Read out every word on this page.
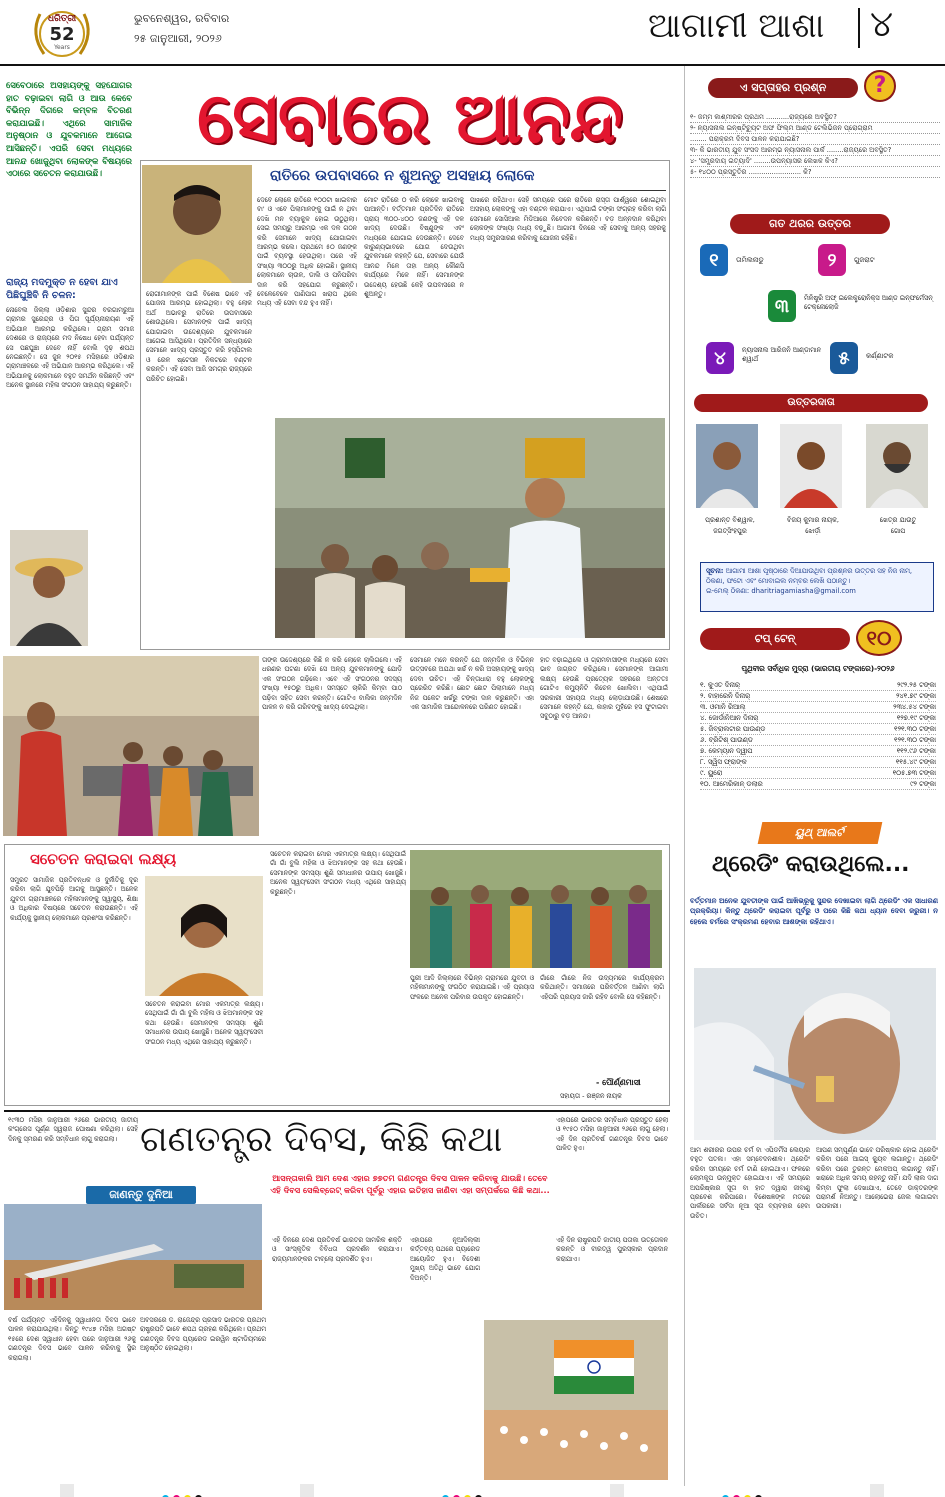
ଧରିତ୍ରୀ
52
Years
ଭୁବନେଶ୍ୱର, ରବିବାର
୨୫ ଜାନୁଆରୀ, ୨୦୨୬	ଆଗାମୀ ଆଶା	୪
ସେବେଠାରେ ଅସହାୟଙ୍କୁ ସହଯୋଗର ହାତ ବଢ଼ାଇବା ଲାଗି ଓ ଆଉ କେବେ ବିଭିନ୍ନ ଦିଗରେ କମ୍ବଳ ବିତରଣ କରାଯାଇଛି। ଏଥିରେ ସାମାଜିକ ଅନୁଷ୍ଠାନ ଓ ଯୁବକମାନେ ଆଗେଇ ଆସିଛନ୍ତି। ଏପରି ସେବା ମଧ୍ୟରେ ଆନନ୍ଦ ଖୋଜୁଥିବା ଲୋକଙ୍କ ବିଷୟରେ ଏଠାରେ ସଚେତନ କରାଯାଉଛି।
ସେବାରେ ଆନନ୍ଦ
ରାତିରେ ଉପବାସରେ ନ ଶୁଅନ୍ତୁ ଅସହାୟ ଲୋକେ
ଦେବେ ଲୋକେ ରାତିରେ ୧୦୦ଟା ଖାଇବାର ବା' ଓ ଏବେ ପିଲାମାନଙ୍କୁ ପାଇଁ ନ ଥିବା ଦେଖି ମନ ବ୍ୟାକୁଳ ହୋଇ ଉଠୁଥିଲା। ସେଇ ସମୟରୁ ଆରମ୍ଭ ଏକ ଦଳ ଗଠନ କରି ସେମାନେ ଖାଦ୍ୟ ଯୋଗାଇବା ଆରମ୍ଭ କଲେ। ପ୍ରଥମେ ୫୦ ଜଣଙ୍କ ପାଇଁ ବ୍ୟବସ୍ଥା ହେଉଥିଲା। ପରେ ଏହି ସଂଖ୍ୟା ୩୦୦ରୁ ଅଧିକ ହୋଇଛି। ସ୍ଥାନୀୟ ଲୋକମାନେ ଚାଉଳ, ଡାଲି ଓ ପନିପରିବା ଦାନ କରି ସହଯୋଗ କରୁଛନ୍ତି। ବେଳେବେଳେ ପାଣିପାଗ ଖରାପ ଥିଲେ ମଧ୍ୟ ଏହି ସେବା ବନ୍ଦ ହୁଏ ନାହିଁ।
ମୋଟ ରାତିରେ ୦ କରି ଲୋକେ ଖାଇବାକୁ ପାଆନ୍ତି। ବର୍ତ୍ତମାନ ପ୍ରତିଦିନ ରାତିରେ ପ୍ରାୟ ୩୦୦-୪୦୦ ଜଣଙ୍କୁ ଏହି ଦଳ ଖାଦ୍ୟ ଦେଉଛି। ବିଷ୍ଣୁଙ୍କ ଏବଂ ମଧ୍ୟରେ ଯୋଗାଇ ଦେଉଛନ୍ତି। ଦେବେ କାରୁଣ୍ୟଭାବରେ ଯୋଗ ଦେଉଥିବା ଯୁବକମାନେ କହନ୍ତି ଯେ, ସେବାରେ ଯେଉଁ ଆନନ୍ଦ ମିଳେ ତାହା ଅନ୍ୟ କୌଣସି କାର୍ଯ୍ୟରେ ମିଳେ ନାହିଁ। ସେମାନଙ୍କ ଉଦ୍ଦେଶ୍ୟ ହେଉଛି କେହି ଉପବାସରେ ନ ଶୁଅନ୍ତୁ।
ପାଖରେ ରହିଥାଏ। ସେହି ସମୟରେ ପରେ ରାତିରେ ରାସ୍ତା ପାର୍ଶ୍ୱରେ ଶୋଇଥିବା ଅସହାୟ ଲୋକଙ୍କୁ ଏହା ବଣ୍ଟନ କରାଯାଏ। ଏଥିପାଇଁ ଟଙ୍କା ସଂଗ୍ରହ କରିବା ଲାଗି ସେମାନେ ସୋସିଆଲ ମିଡିଆରେ ନିବେଦନ କରିଛନ୍ତି। ବଡ଼ ଅନ୍ନଦାନ କରିଥିବା ଲୋକଙ୍କ ସଂଖ୍ୟା ମଧ୍ୟ ବଢ଼ୁଛି। ଆଗାମୀ ଦିନରେ ଏହି ସେବାକୁ ଅନ୍ୟ ସହରକୁ ମଧ୍ୟ ସମ୍ପ୍ରସାରଣ କରିବାକୁ ଯୋଜନା ରହିଛି।
ରୋଗୀମାନଙ୍କ ପାଇଁ ବିଶେଷ ଭାବେ ଏହି ଯୋଜନା ଆରମ୍ଭ ହୋଇଥିଲା। ବହୁ ଲୋକ ଅର୍ଥ ଅଭାବରୁ ରାତିରେ ଉପବାସରେ ଶୋଉଥିଲେ। ସେମାନଙ୍କ ପାଇଁ ଖାଦ୍ୟ ଯୋଗାଇବା ଉଦ୍ଦେଶ୍ୟରେ ଯୁବକମାନେ ଆଗେଇ ଆସିଥିଲେ। ପ୍ରତିଦିନ ସନ୍ଧ୍ୟାରେ ସେମାନେ ଖାଦ୍ୟ ପ୍ରସ୍ତୁତ କରି ହସ୍ପିଟାଲ ଓ ରେଳ ଷ୍ଟେସନ ନିକଟରେ ବଣ୍ଟନ କରନ୍ତି। ଏହି ସେବା ଆଜି ସମଗ୍ର ରାଜ୍ୟରେ ପରିଚିତ ହୋଇଛି।
ରାଜ୍ୟ ମଦମୁକ୍ତ ନ ହେବା ଯାଏ ପିଛିଘୁଞ୍ଚିବି ନି ଚଳନ:
ନୋବେଲ ଜିଲ୍ଲା ଓଡ଼ିଶାର ସୁନ୍ଦର ବରଗାମରୁଆ ଗ୍ରାମର ସୁରେନ୍ଦ୍ର ଓ ପିତା ସୂର୍ଯ୍ୟନାରାୟଣ ଏହି ଅଭିଯାନ ଆରମ୍ଭ କରିଥିଲେ। ଗ୍ରାମ ସମାଜ ଦେଶରେ ଓ ରାଜ୍ୟରେ ମଦ ନିଷେଧ ହେବା ପର୍ଯ୍ୟନ୍ତ ସେ ପଛଘୁଞ୍ଚା ଦେବେ ନାହିଁ ବୋଲି ଦୃଢ଼ ଶପଥ ନେଇଛନ୍ତି। ସେ ଜୁନ ୨୦୧୫ ମସିହାରେ ଓଡ଼ିଶାର ଗ୍ରାମାଞ୍ଚଳରେ ଏହି ଅଭିଯାନ ଆରମ୍ଭ କରିଥିଲେ। ଏହି ଅଭିଯାନକୁ ଲୋକମାନେ ବହୁତ ସମର୍ଥନ କରିଛନ୍ତି ଏବଂ ଅନେକ ସ୍ଥାନରେ ମହିଳା ସଂଗଠନ ସାହାଯ୍ୟ କରୁଛନ୍ତି।
ତାଙ୍କ ଉଦ୍ଦେଶ୍ୟରେ କିଛି ନ କରି ଲୋକେ ଚାଲିଗଲେ। ଏହି ଧରଣର ଘଟଣା ଦେଖି ସେ ଅନ୍ୟ ଯୁବକମାନଙ୍କୁ ଯୋଡ଼ି ଏକ ସଂଗଠନ ଗଢ଼ିଲେ। ଏବେ ଏହି ସଂଗଠନର ସଦସ୍ୟ ସଂଖ୍ୟା ୧୫୦ରୁ ଅଧିକ। ସମସ୍ତେ ଚାକିରି କିମ୍ବା ପାଠ ପଢ଼ିବା ସହିତ ସେବା କରନ୍ତି। ଗୋଟିଏ ବାଲିକା ଜନ୍ମଦିନ ପାଳନ ନ କରି ଗରିବଙ୍କୁ ଖାଦ୍ୟ ଦେଇଥିଲା।
ସେମାନେ ମନେ କରନ୍ତି ଯେ ଜନ୍ମଦିନ ଓ ବିଭିନ୍ନ ଉତ୍ସବରେ ଅଯଥା ଖର୍ଚ୍ଚ ନ କରି ଅସହାୟଙ୍କୁ ଖାଦ୍ୟ ଦେବା ଉଚିତ। ଏହି ଚିନ୍ତାଧାରା ବହୁ ଲୋକଙ୍କୁ ପ୍ରେରିତ କରିଛି। ଛୋଟ ଛୋଟ ପିଲାମାନେ ମଧ୍ୟ ନିଜ ପକେଟ ଖର୍ଚ୍ଚରୁ ଟଙ୍କା ଦାନ କରୁଛନ୍ତି। ଏହା ଏକ ସାମାଜିକ ଆନ୍ଦୋଳନରେ ପରିଣତ ହୋଇଛି।
ହାତ ବଢ଼ାଇଥିଲେ ଓ ଗ୍ରାମବାସୀଙ୍କ ମଧ୍ୟରେ ସେବା ଭାବ ଜାଗ୍ରତ କରିଥିଲେ। ସେମାନଙ୍କ ଆଗାମୀ ଲକ୍ଷ୍ୟ ହେଉଛି ପ୍ରତ୍ୟେକ ସହରରେ ଅନ୍ତତଃ ଗୋଟିଏ କମ୍ୟୁନିଟି କିଚେନ ଖୋଲିବା। ଏଥିପାଇଁ ସରକାରୀ ସହାୟତା ମଧ୍ୟ ଲୋଡ଼ାଯାଉଛି। ଶେଷରେ ସେମାନେ କହନ୍ତି ଯେ, କାହାର ମୁହଁରେ ହସ ଫୁଟାଇବା ସବୁଠାରୁ ବଡ଼ ଆନନ୍ଦ।
ସଚେତନ କରାଇବା ଲକ୍ଷ୍ୟ
ସମ୍ପ୍ରତ ସାମାଜିକ ପ୍ରତିବନ୍ଧକ ଓ ଦୁର୍ନୀତିକୁ ଦୂର କରିବା ଲାଗି ଯୁବପିଢ଼ି ଆଗକୁ ଆସୁଛନ୍ତି। ଅନେକ ଯୁବତୀ ଗ୍ରାମାଞ୍ଚଳରେ ମହିଳାମାନଙ୍କୁ ସ୍ୱାସ୍ଥ୍ୟ, ଶିକ୍ଷା ଓ ଅଧିକାର ବିଷୟରେ ସଚେତନ କରାଉଛନ୍ତି। ଏହି କାର୍ଯ୍ୟକୁ ସ୍ଥାନୀୟ ଲୋକମାନେ ପ୍ରଶଂସା କରିଛନ୍ତି।
ସଚେତନ କରାଇବା ମୋର ଏକମାତ୍ର ଲକ୍ଷ୍ୟ। ସେଥିପାଇଁ ଗାଁ ଗାଁ ବୁଲି ମହିଳା ଓ ଝିଅମାନଙ୍କ ସହ କଥା ହେଉଛି। ସେମାନଙ୍କ ସମସ୍ୟା ଶୁଣି ସମାଧାନର ଉପାୟ ଖୋଜୁଛି। ଅନେକ ସ୍ୱୟଂସେବୀ ସଂଗଠନ ମଧ୍ୟ ଏଥିରେ ସାହାଯ୍ୟ କରୁଛନ୍ତି।
ସଚେତନ କରାଇବା ମୋର ଏକମାତ୍ର ଲକ୍ଷ୍ୟ। ସେଥିପାଇଁ ଗାଁ ଗାଁ ବୁଲି ମହିଳା ଓ ଝିଅମାନଙ୍କ ସହ କଥା ହେଉଛି। ସେମାନଙ୍କ ସମସ୍ୟା ଶୁଣି ସମାଧାନର ଉପାୟ ଖୋଜୁଛି। ଅନେକ ସ୍ୱୟଂସେବୀ ସଂଗଠନ ମଧ୍ୟ ଏଥିରେ ସାହାଯ୍ୟ କରୁଛନ୍ତି।
ପୁରୀ ଆଦି ଜିଲ୍ଲାରେ ବିଭିନ୍ନ ଗ୍ରାମରେ ଯୁବତୀ ଓ ମହିଳାମାନଙ୍କୁ ସଂଗଠିତ କରାଯାଇଛି। ଏହି ପ୍ରୟାସ ଫଳରେ ଅନେକ ପରିବାର ଉପକୃତ ହୋଇଛନ୍ତି।
ଗାଁରେ ଗାଁରେ ନିଜ ଉଦ୍ୟମରେ କାର୍ଯ୍ୟକ୍ରମ କରିଥାନ୍ତି। ସମାଜରେ ପରିବର୍ତ୍ତନ ଆଣିବା ଲାଗି ଏହିପରି ପ୍ରୟାସ ଜାରି ରହିବ ବୋଲି ସେ କହିଛନ୍ତି।
- ପୌର୍ଣ୍ଣମାସୀ
ସହାୟତା - ରଞ୍ଜନ ନାୟକ
୧୯୩୦ ମସିହା ଜାନୁଆରୀ ୨୬ରେ ଭାରତୀୟ ଜାତୀୟ କଂଗ୍ରେସ ପୂର୍ଣ୍ଣ ସ୍ୱରାଜ ଘୋଷଣା କରିଥିଲା। ସେହି ଦିନକୁ ସ୍ମରଣ କରି ସମ୍ବିଧାନ ଲାଗୁ କରାଗଲା। ଗଣତନ୍ତ୍ର ଦିବସ, କିଛି କଥା	ଏହାପରେ ଭାରତର ସମ୍ବିଧାନ ପ୍ରସ୍ତୁତ ହେଲା ଓ ୧୯୫୦ ମସିହା ଜାନୁଆରୀ ୨୬ରେ ଲାଗୁ ହେଲା। ଏହି ଦିନ ପ୍ରତିବର୍ଷ ଗଣତନ୍ତ୍ର ଦିବସ ଭାବେ ପାଳିତ ହୁଏ।
ଜାଣନ୍ତୁ ଦୁନିଆ
ଆସନ୍ତାକାଲି ଆମ ଦେଶ ଏହାର ୭୭ତମ ଗଣତନ୍ତ୍ର ଦିବସ ପାଳନ କରିବାକୁ ଯାଉଛି। ତେବେ ଏହି ଦିବସ ସେଲିବ୍ରେଟ୍ କରିବା ପୂର୍ବରୁ ଏହାର ଇତିହାସ ଜାଣିବା ଏହା ସମ୍ପର୍କରେ କିଛି କଥା...
ବର୍ଷ ପର୍ଯ୍ୟନ୍ତ ଏହିଦିନକୁ ସ୍ୱାଧୀନତା ଦିବସ ଭାବେ ପାଳନ କରାଯାଉଥିଲା। କିନ୍ତୁ ୧୯୪୭ ମସିହା ଅଗଷ୍ଟ ୧୫ରେ ଦେଶ ସ୍ୱାଧୀନ ହେବା ପରେ ଜାନୁଆରୀ ୨୬କୁ ଗଣତନ୍ତ୍ର ଦିବସ ଭାବେ ପାଳନ କରିବାକୁ ସ୍ଥିର କରାଗଲା।
ଅବସରରେ ଡ. ରାଜେନ୍ଦ୍ର ପ୍ରସାଦ ଭାରତର ପ୍ରଥମ ରାଷ୍ଟ୍ରପତି ଭାବେ ଶପଥ ଗ୍ରହଣ କରିଥିଲେ। ପ୍ରଥମ ଗଣତନ୍ତ୍ର ଦିବସ ପ୍ୟାରେଡ ଇରୱିନ ଷ୍ଟାଡିୟମରେ ଅନୁଷ୍ଠିତ ହୋଇଥିଲା।
ଏହି ଦିନରେ ଦେଶ ପ୍ରତିବର୍ଷ ଭାରତର ସାମରିକ ଶକ୍ତି ଓ ସାଂସ୍କୃତିକ ବିବିଧତା ପ୍ରଦର୍ଶନ କରାଯାଏ। ରାଜ୍ୟମାନଙ୍କର ଟାବ୍ଲୋ ପ୍ରଦର୍ଶିତ ହୁଏ।
ଏହାପରେ ନୂଆଦିଲ୍ଲୀ କର୍ତ୍ତବ୍ୟ ପଥରେ ପ୍ୟାରେଡ ଆୟୋଜିତ ହୁଏ। ବିଦେଶୀ ମୁଖ୍ୟ ଅତିଥି ଭାବେ ଯୋଗ ଦିଅନ୍ତି।
ଏହି ଦିନ ରାଷ୍ଟ୍ରପତି ଜାତୀୟ ପତାକା ଉତ୍ତୋଳନ କରନ୍ତି ଓ ବୀରତ୍ୱ ପୁରସ୍କାର ପ୍ରଦାନ କରାଯାଏ।
ଏ ସପ୍ତାହର ପ୍ରଶ୍ନ	?
୧- ଜମ୍ମ କାଶ୍ମୀରର ପ୍ରଥମ ...........ରାଜ୍ୟରେ ଅବସ୍ଥିତ?
୨- ନ୍ୟାସନାଲ ଇନ୍ଷ୍ଟିଚ୍ୟୁଟ ଅଫ ଫିଲ୍ମ ଆଣ୍ଡ ଟେଲିଭିଜନ ପ୍ରୋଗ୍ରାମ
........ ପରାକ୍ରମ ଦିବସ ପାଳନ କରାଯାଇଛି?
୩- କି ଭାରତୀୟ ଯୁବ ସଂସଦ ଆରମ୍ଭ ନ୍ୟାସନାଲ ପାର୍କ ........ରାଜ୍ୟରେ ଅବସ୍ଥିତ?
୪- 'ସମ୍ପ୍ରଦାୟ ଇତ୍ୟାଦି' ........ଉପନ୍ୟାସର ଲେଖକ କିଏ?
୫- ୧୪୦୦ ପ୍ରସ୍ତୁତିର ......................... କି?
ଗତ ଥରର ଉତ୍ତର
୧	ତାମିଲନାଡୁ	୨	ଗୁଜରାଟ
୩	ମିନିଷ୍ଟ୍ରି ଅଫ୍ ଇଲେକ୍ଟ୍ରୋନିକ୍ସ ଆଣ୍ଡ ଇନ୍‌ଫର୍ମେସନ୍ ଟେକ୍ନୋଲୋଜି
୪	ନ୍ୟାସନାଲ ଆରିଜନି ଆଣ୍ଡାମାନ ଶ୍ୱାର୍ଥ	୫	କର୍ଣ୍ଣାଟକ
ଉତ୍ତରଦାତା
ପ୍ରଶାନ୍ତ ବିଶ୍ୱାଳ,
ଜଗତ୍‌ସିଂହପୁର
ବିଜୟ କୁମାର ନାୟକ,
ଝୋର୍ଡ଼ା
ଖେତ୍ର ଯାଉତୁ
ଗୋପ
ସୂଚନା: ଆଗାମୀ ଆଶା ପୃଷ୍ଠାରେ ଦିଆଯାଉଥିବା ପ୍ରଶ୍ନର ଉତ୍ତର ସହ ନିଜ ନାମ, ଠିକଣା, ଫଟୋ ଏବଂ ମୋବାଇଲ ନମ୍ବର ଲେଖି ପଠାନ୍ତୁ।
ଇ-ମେଲ୍ ଠିକଣା: dharitriagamiasha@gmail.com
ଟପ୍ ଟେନ୍	୧୦
ପୃଥିବୀର ସର୍ବାଧିକ ମୁଦ୍ରା (ଭାରତୀୟ ଟଙ୍କାରେ)-୨୦୨୬
୧. କୁଏତ ଦିନାର୍	୨୯୨.୨୫ ଟଙ୍କା
୨. ବାହାରେନି ଦିନାର୍	୨୪୧.୭୯ ଟଙ୍କା
୩. ଓମାନି ରିଆଲ୍	୨୩୪.୫୪ ଟଙ୍କା
୪. ଜୋର୍ଡାନିଆନ ଦିନାର୍	୧୨୭.୧୯ ଟଙ୍କା
୫. ଜିବ୍ରାଲଟାର ପାଉଣ୍ଡ	୧୨୧.୩୦ ଟଙ୍କା
୬. ବ୍ରିଟିଶ୍ ପାଉଣ୍ଡ	୧୨୧.୩୦ ଟଙ୍କା
୭. କେମ୍ୟାନ ଦ୍ୱୀପ	୧୧୨.୯୬ ଟଙ୍କା
୮. ସ୍ୱିସ ଫ୍ରାଙ୍କ	୧୧୫.୪୯ ଟଙ୍କା
୯. ୟୁରୋ	୧୦୫.୭୩ ଟଙ୍କା
୧୦. ଆମେରିକାନ୍ ଡଲାର	୯୨ ଟଙ୍କା
ୟୁଥ୍ ଆଲର୍ଟ
ଥ୍ରେଡିଂ କରାଉଥିଲେ...
ବର୍ତ୍ତମାନ ଅନେକ ଯୁବତୀଙ୍କ ପାଇଁ ଆଖିଭ୍ରୂକୁ ସୁନ୍ଦର ଦେଖାଇବା ଲାଗି ଥ୍ରେଡିଂ ଏକ ସାଧାରଣ ପ୍ରକ୍ରିୟା। କିନ୍ତୁ ଥ୍ରେଡିଂ କରାଇବା ପୂର୍ବରୁ ଓ ପରେ କିଛି କଥା ଧ୍ୟାନ ଦେବା ଜରୁରୀ। ନ ହେଲେ ଚର୍ମରେ ସଂକ୍ରମଣ ହେବାର ଆଶଙ୍କା ରହିଥାଏ।
ଆମ ଶରୀରର ଉପର ଚର୍ମ ବା ଏପିଡର୍ମିସ ଲେୟାର ବହୁତ ପତଳା। ଏହା ସମ୍ବେଦନଶୀଳ। ଥ୍ରେଡିଂ କରିବା ସମୟରେ ଚର୍ମ ଟାଣି ହୋଇଥାଏ। ଫଳରେ ଲୋମକୂପ ଉନ୍ମୁକ୍ତ ହୋଇଯାଏ। ଏହି ସମୟରେ ଅପରିଷ୍କାର ସୂତା ବା ହାତ ଦ୍ୱାରା ଜୀବାଣୁ ପ୍ରବେଶ କରିପାରେ। ବିଶେଷଜ୍ଞଙ୍କ ମତରେ ପାର୍ଲରରେ ସର୍ବଦା ନୂଆ ସୂତା ବ୍ୟବହାର ହେବା ଉଚିତ।
ଆପଣ ସମ୍ପୂର୍ଣ୍ଣ ଭାବେ ପରିଷ୍କାର ହୋଇ ଥ୍ରେଡିଂ କରିବା ପରେ ଆଇସ୍ କ୍ୟୁବ ଲଗାନ୍ତୁ। ଥ୍ରେଡିଂ କରିବା ପରେ ତୁରନ୍ତ ମେକଅପ୍ ଲଗାନ୍ତୁ ନାହିଁ। ଖରାରେ ଅଧିକ ସମୟ ରହନ୍ତୁ ନାହିଁ। ଯଦି ଲାଲ ଦାଗ କିମ୍ବା ଫୁଲା ଦେଖାଯାଏ, ତେବେ ଡାକ୍ତରଙ୍କ ପରାମର୍ଶ ନିଅନ୍ତୁ। ଆଲୋଭେରା ଜେଲ ଲଗାଇବା ଉପକାରୀ।
